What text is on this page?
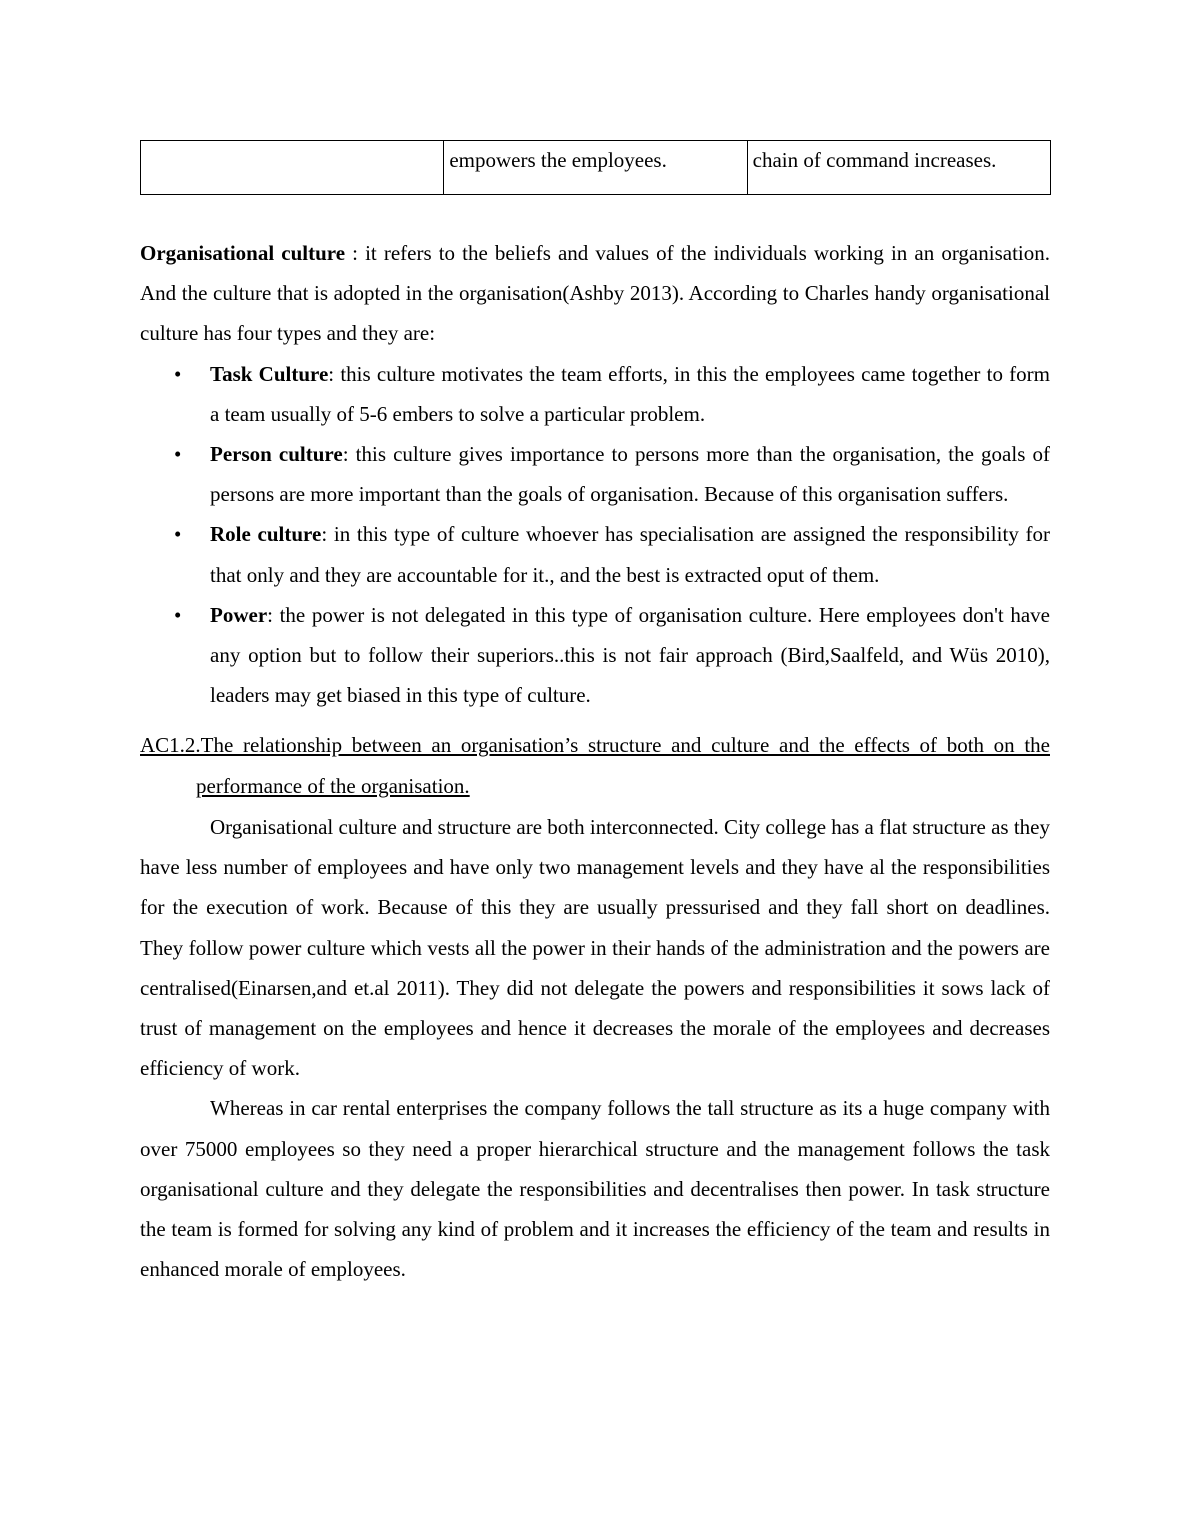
	empowers the employees.	chain of command increases.

Organisational culture : it refers to the beliefs and values of the individuals working in an organisation. And the culture that is adopted in the organisation(Ashby 2013). According to Charles handy organisational culture has four types and they are:

• Task Culture: this culture motivates the team efforts, in this the employees came together to form a team usually of 5-6 embers to solve a particular problem.
• Person culture: this culture gives importance to persons more than the organisation, the goals of persons are more important than the goals of organisation. Because of this organisation suffers.
• Role culture: in this type of culture whoever has specialisation are assigned the responsibility for that only and they are accountable for it., and the best is extracted oput of them.
• Power: the power is not delegated in this type of organisation culture. Here employees don't have any option but to follow their superiors..this is not fair approach (Bird,Saalfeld, and Wüs 2010), leaders may get biased in this type of culture.

AC1.2.The relationship between an organisation’s structure and culture and the effects of both on the performance of the organisation.

Organisational culture and structure are both interconnected. City college has a flat structure as they have less number of employees and have only two management levels and they have al the responsibilities for the execution of work. Because of this they are usually pressurised and they fall short on deadlines. They follow power culture which vests all the power in their hands of the administration and the powers are centralised(Einarsen,and et.al 2011). They did not delegate the powers and responsibilities it sows lack of trust of management on the employees and hence it decreases the morale of the employees and decreases efficiency of work.

Whereas in car rental enterprises the company follows the tall structure as its a huge company with over 75000 employees so they need a proper hierarchical structure and the management follows the task organisational culture and they delegate the responsibilities and decentralises then power. In task structure the team is formed for solving any kind of problem and it increases the efficiency of the team and results in enhanced morale of employees.
